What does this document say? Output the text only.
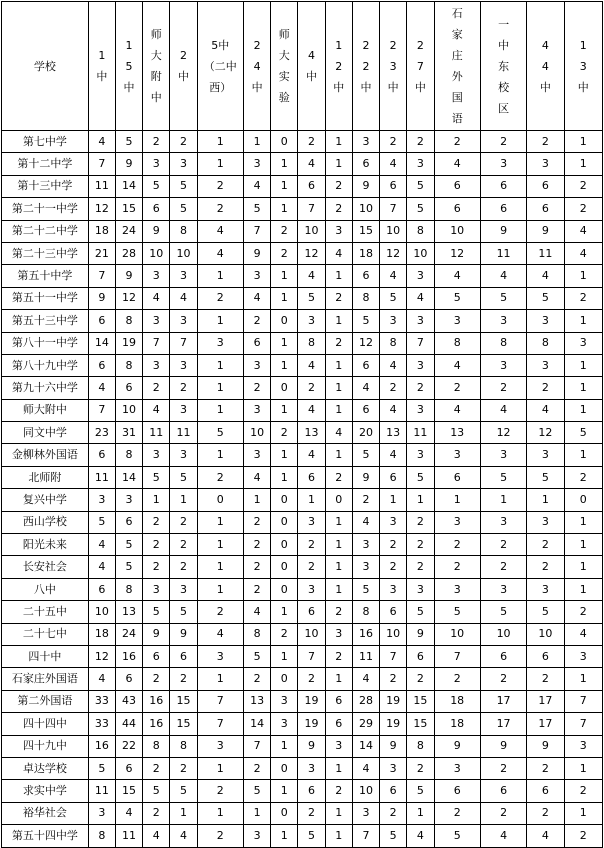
学校	1中	15中	师大附中	2中	5中（二中西）	24中	师大实验	4中	12中	22中	23中	27中	石家庄外国语	一中东校区	44中	13中
第七中学	4	5	2	2	1	1	0	2	1	3	2	2	2	2	2	1
第十二中学	7	9	3	3	1	3	1	4	1	6	4	3	4	3	3	1
第十三中学	11	14	5	5	2	4	1	6	2	9	6	5	6	6	6	2
第二十一中学	12	15	6	5	2	5	1	7	2	10	7	5	6	6	6	2
第二十二中学	18	24	9	8	4	7	2	10	3	15	10	8	10	9	9	4
第二十三中学	21	28	10	10	4	9	2	12	4	18	12	10	12	11	11	4
第五十中学	7	9	3	3	1	3	1	4	1	6	4	3	4	4	4	1
第五十一中学	9	12	4	4	2	4	1	5	2	8	5	4	5	5	5	2
第五十三中学	6	8	3	3	1	2	0	3	1	5	3	3	3	3	3	1
第八十一中学	14	19	7	7	3	6	1	8	2	12	8	7	8	8	8	3
第八十九中学	6	8	3	3	1	3	1	4	1	6	4	3	4	3	3	1
第九十六中学	4	6	2	2	1	2	0	2	1	4	2	2	2	2	2	1
师大附中	7	10	4	3	1	3	1	4	1	6	4	3	4	4	4	1
同文中学	23	31	11	11	5	10	2	13	4	20	13	11	13	12	12	5
金柳林外国语	6	8	3	3	1	3	1	4	1	5	4	3	3	3	3	1
北师附	11	14	5	5	2	4	1	6	2	9	6	5	6	5	5	2
复兴中学	3	3	1	1	0	1	0	1	0	2	1	1	1	1	1	0
西山学校	5	6	2	2	1	2	0	3	1	4	3	2	3	3	3	1
阳光未来	4	5	2	2	1	2	0	2	1	3	2	2	2	2	2	1
长安社会	4	5	2	2	1	2	0	2	1	3	2	2	2	2	2	1
八中	6	8	3	3	1	2	0	3	1	5	3	3	3	3	3	1
二十五中	10	13	5	5	2	4	1	6	2	8	6	5	5	5	5	2
二十七中	18	24	9	9	4	8	2	10	3	16	10	9	10	10	10	4
四十中	12	16	6	6	3	5	1	7	2	11	7	6	7	6	6	3
石家庄外国语	4	6	2	2	1	2	0	2	1	4	2	2	2	2	2	1
第二外国语	33	43	16	15	7	13	3	19	6	28	19	15	18	17	17	7
四十四中	33	44	16	15	7	14	3	19	6	29	19	15	18	17	17	7
四十九中	16	22	8	8	3	7	1	9	3	14	9	8	9	9	9	3
卓达学校	5	6	2	2	1	2	0	3	1	4	3	2	3	2	2	1
求实中学	11	15	5	5	2	5	1	6	2	10	6	5	6	6	6	2
裕华社会	3	4	2	1	1	1	0	2	1	3	2	1	2	2	2	1
第五十四中学	8	11	4	4	2	3	1	5	1	7	5	4	5	4	4	2
